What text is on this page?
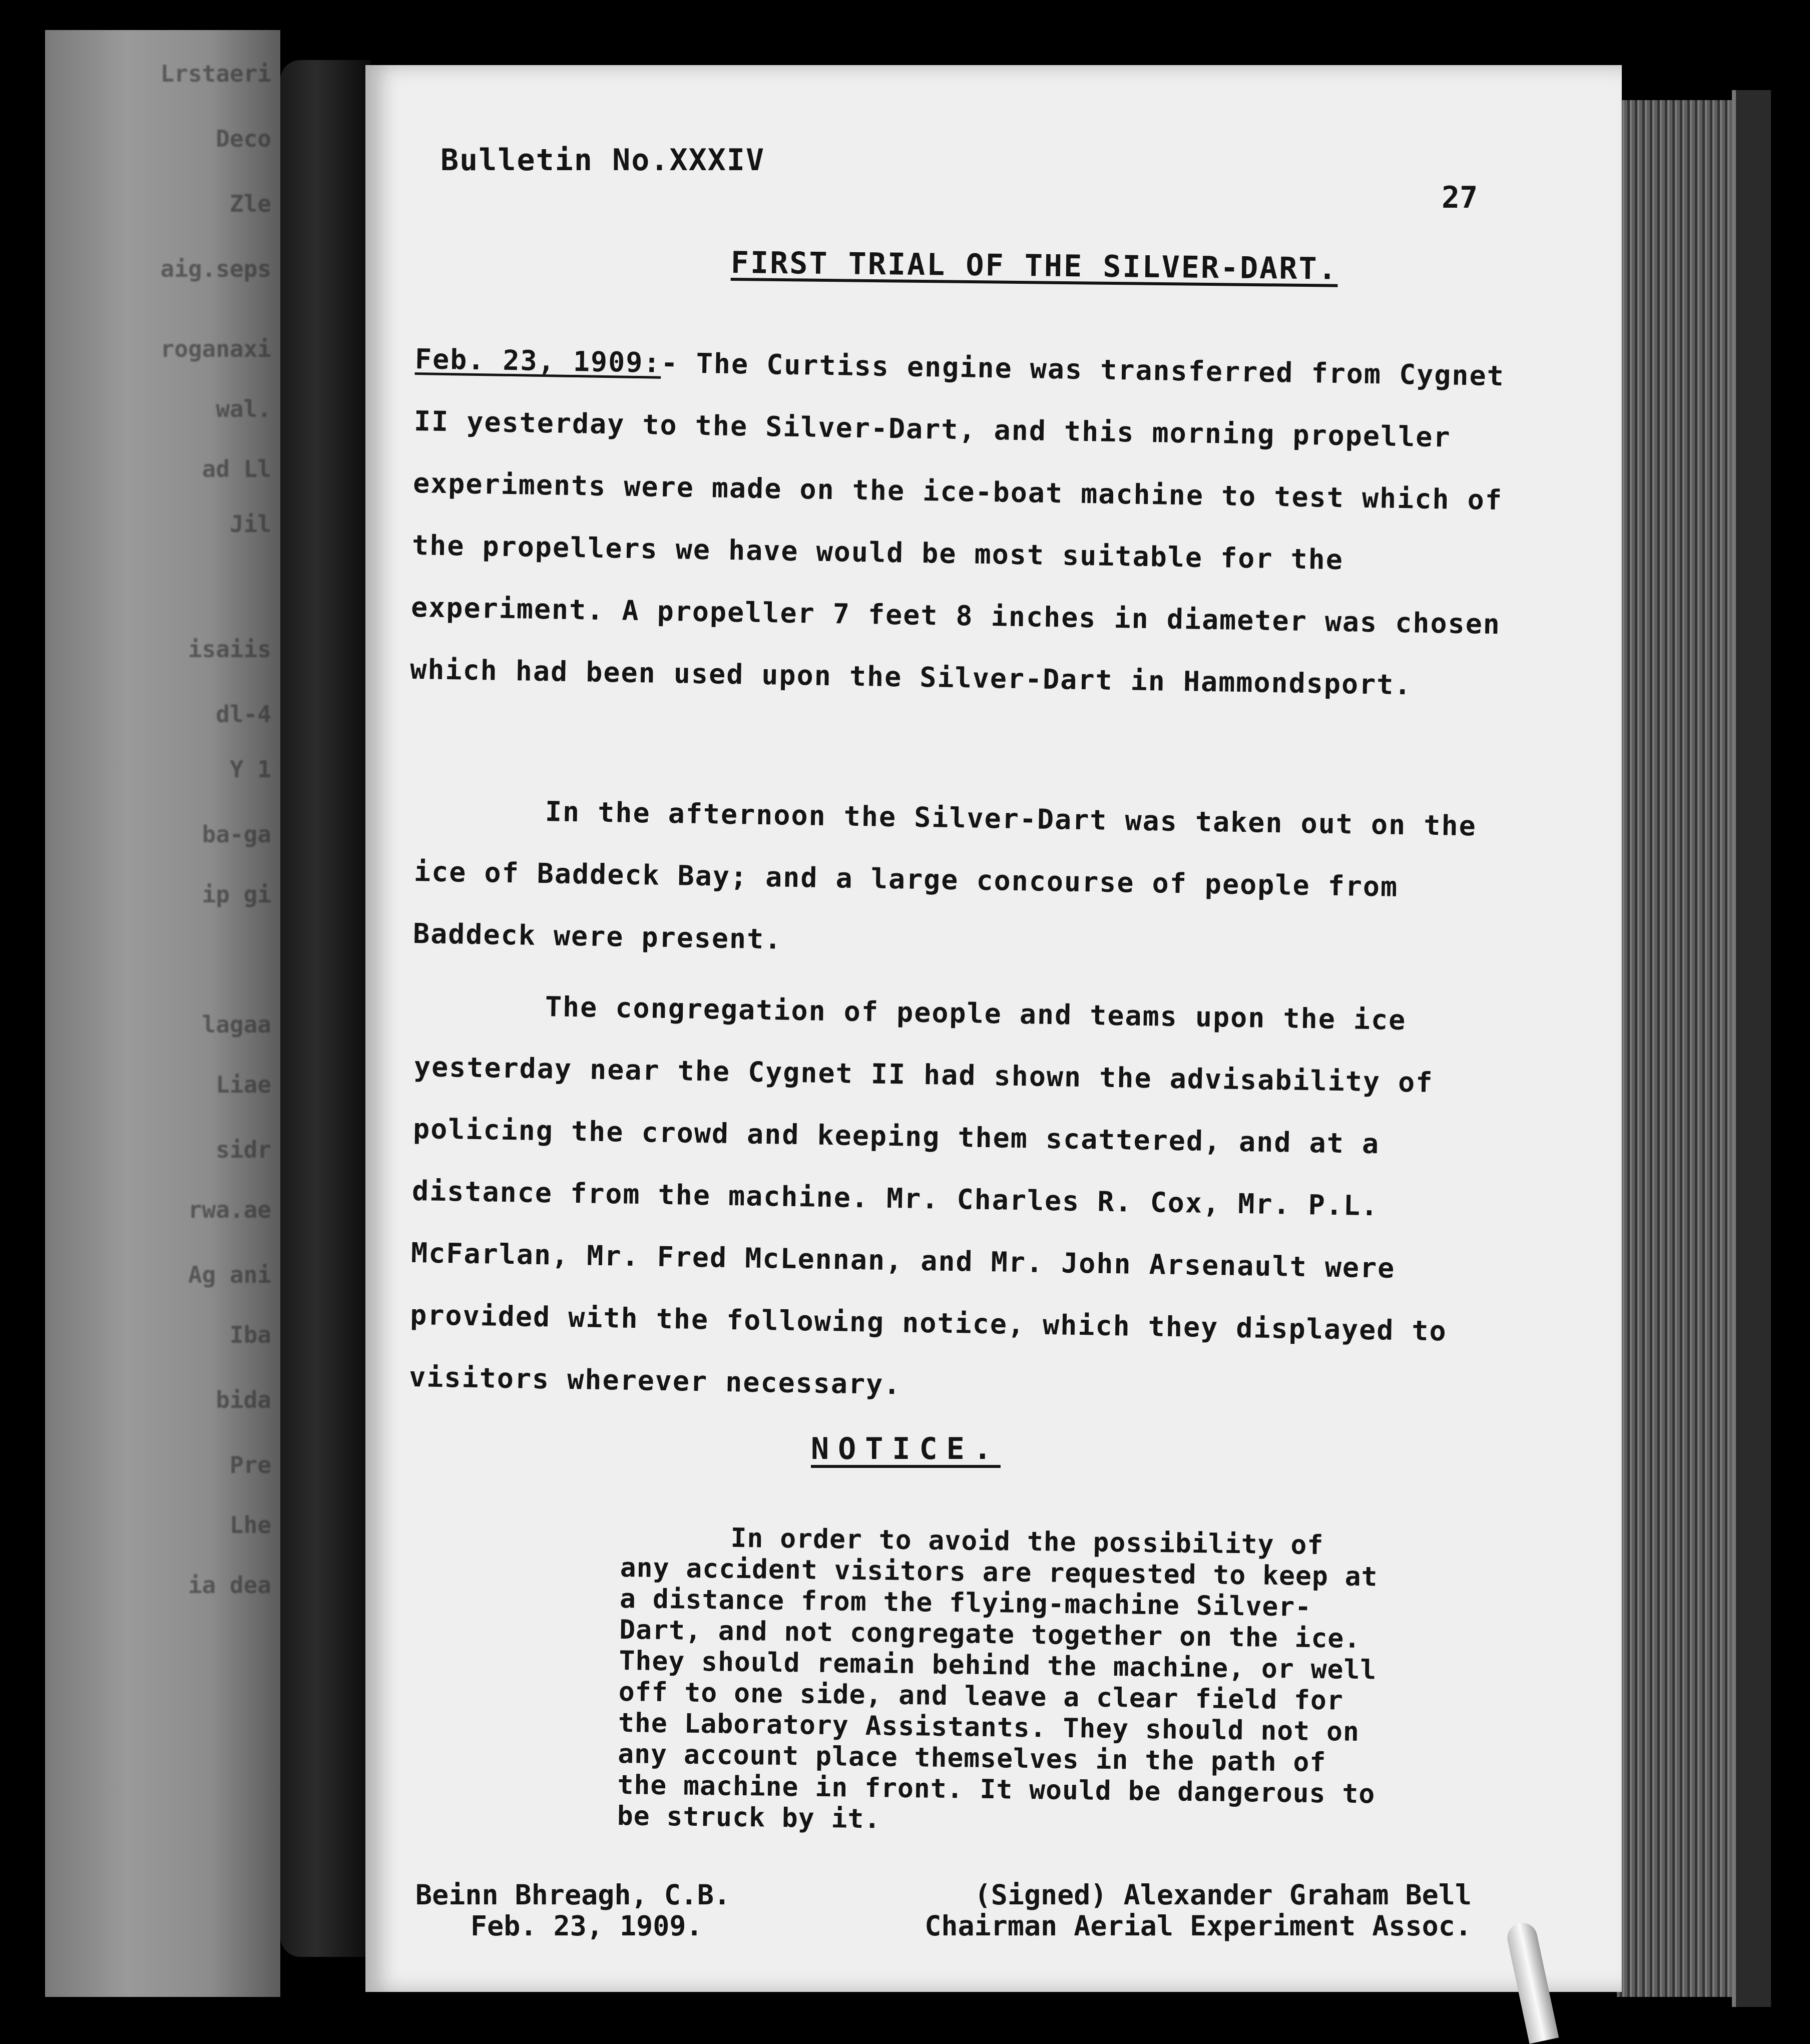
Lrstaeri
Deco
Zle
aig.seps
roganaxi
wal.
ad Ll
Jil
isaiis
dl-4
Y 1
ba-ga
ip gi
lagaa
Liae
sidr
rwa.ae
Ag ani
Iba
bida
Pre
Lhe
ia dea
Bulletin No.XXXIV
27
FIRST TRIAL OF THE SILVER-DART.
Feb. 23, 1909:- The Curtiss engine was transferred from Cygnet II yesterday to the Silver-Dart, and this morning propeller experiments were made on the ice-boat machine to test which of the propellers we have would be most suitable for the experiment. A propeller 7 feet 8 inches in diameter was chosen which had been used upon the Silver-Dart in Hammondsport.
In the afternoon the Silver-Dart was taken out on the ice of Baddeck Bay; and a large concourse of people from Baddeck were present.
The congregation of people and teams upon the ice yesterday near the Cygnet II had shown the advisability of policing the crowd and keeping them scattered, and at a distance from the machine. Mr. Charles R. Cox, Mr. P.L. McFarlan, Mr. Fred McLennan, and Mr. John Arsenault were provided with the following notice, which they displayed to visitors wherever necessary.
NOTICE.
In order to avoid the possibility of any accident visitors are requested to keep at a distance from the flying-machine Silver-Dart, and not congregate together on the ice. They should remain behind the machine, or well off to one side, and leave a clear field for the Laboratory Assistants. They should not on any account place themselves in the path of the machine in front. It would be dangerous to be struck by it.
Beinn Bhreagh, C.B.
Feb. 23, 1909.
(Signed) Alexander Graham Bell
Chairman Aerial Experiment Assoc.
